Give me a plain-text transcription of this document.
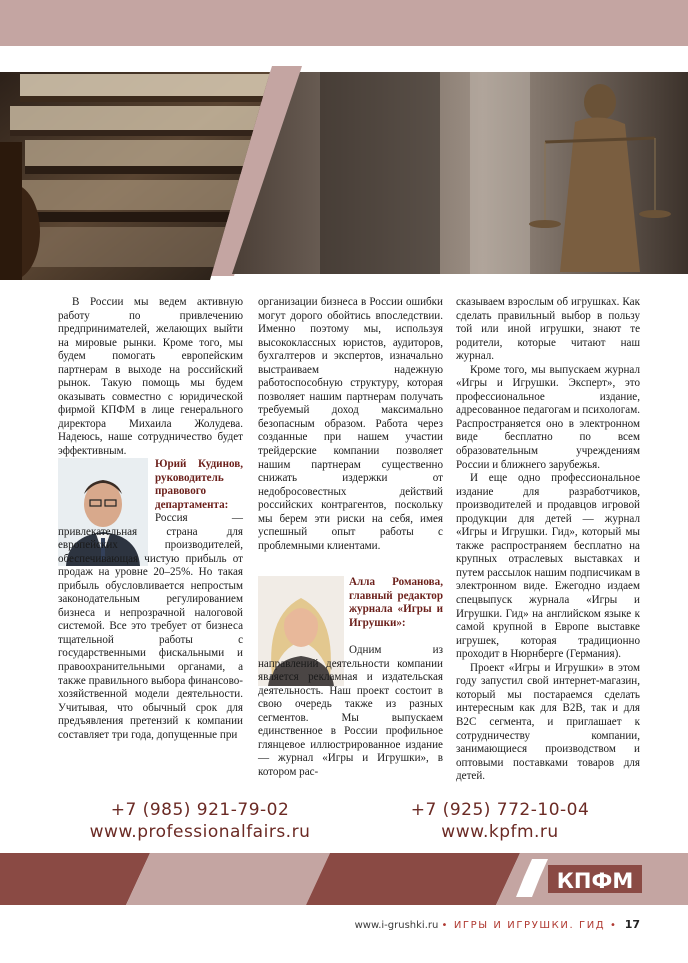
В России мы ведем активную работу по привлечению предпринимателей, желающих выйти на мировые рынки. Кроме того, мы будем помогать европейским партнерам в выходе на российский рынок. Такую помощь мы будем оказывать совместно с юридической фирмой КПФМ в лице генерального директора Михаила Жолудева. Надеюсь, наше сотрудничество будет эффективным.

Юрий Кудинов, руководитель правового департамента:

Россия — привлекательная страна для европейских производителей, обеспечивающая чистую прибыль от продаж на уровне 20–25%. Но такая прибыль обусловливается непростым законодательным регулированием бизнеса и непрозрачной налоговой системой. Все это требует от бизнеса тщательной работы с государственными фискальными и правоохранительными органами, а также правильного выбора финансово-хозяйственной модели деятельности. Учитывая, что обычный срок для предъявления претензий к компании составляет три года, допущенные при

организации бизнеса в России ошибки могут дорого обойтись впоследствии. Именно поэтому мы, используя высококлассных юристов, аудиторов, бухгалтеров и экспертов, изначально выстраиваем надежную работоспособную структуру, которая позволяет нашим партнерам получать требуемый доход максимально безопасным образом. Работа через созданные при нашем участии трейдерские компании позволяет нашим партнерам существенно снижать издержки от недобросовестных действий российских контрагентов, поскольку мы берем эти риски на себя, имея успешный опыт работы с проблемными клиентами.

Алла Романова, главный редактор журнала «Игры и Игрушки»:

Одним из направлений деятельности компании является рекламная и издательская деятельность. Наш проект состоит в свою очередь также из разных сегментов. Мы выпускаем единственное в России профильное глянцевое иллюстрированное издание — журнал «Игры и Игрушки», в котором рас-

сказываем взрослым об игрушках. Как сделать правильный выбор в пользу той или иной игрушки, знают те родители, которые читают наш журнал.

Кроме того, мы выпускаем журнал «Игры и Игрушки. Эксперт», это профессиональное издание, адресованное педагогам и психологам. Распространяется оно в электронном виде бесплатно по всем образовательным учреждениям России и ближнего зарубежья.

И еще одно профессиональное издание для разработчиков, производителей и продавцов игровой продукции для детей — журнал «Игры и Игрушки. Гид», который мы также распространяем бесплатно на крупных отраслевых выставках и путем рассылок нашим подписчикам в электронном виде. Ежегодно издаем спецвыпуск журнала «Игры и Игрушки. Гид» на английском языке к самой крупной в Европе выставке игрушек, которая традиционно проходит в Нюрнберге (Германия).

Проект «Игры и Игрушки» в этом году запустил свой интернет-магазин, который мы постараемся сделать интересным как для B2B, так и для B2C сегмента, и приглашает к сотрудничеству компании, занимающиеся производством и оптовыми поставками товаров для детей.

+7 (985) 921-79-02
www.professionalfairs.ru
+7 (925) 772-10-04
www.kpfm.ru
КПФМ
www.i-grushki.ru • ИГРЫ И ИГРУШКИ. ГИД • 17
